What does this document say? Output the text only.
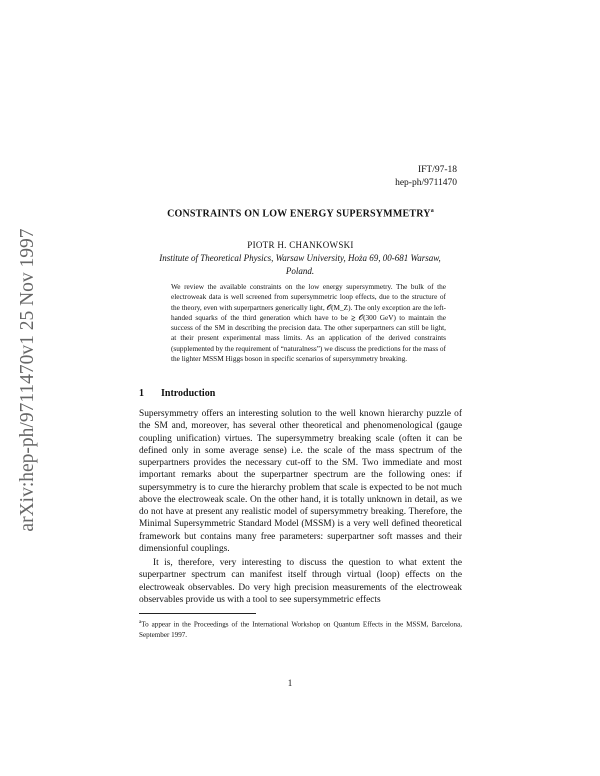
arXiv:hep-ph/9711470v1 25 Nov 1997
IFT/97-18
hep-ph/9711470
CONSTRAINTS ON LOW ENERGY SUPERSYMMETRY$^a$
PIOTR H. CHANKOWSKI
Institute of Theoretical Physics, Warsaw University, Hoża 69, 00-681 Warsaw,
Poland.

We review the available constraints on the low energy supersymmetry. The bulk of the electroweak data is well screened from supersymmetric loop effects, due to the structure of the theory, even with superpartners generically light, 𝒪(M_Z). The only exception are the left-handed squarks of the third generation which have to be ≳ 𝒪(300 GeV) to maintain the success of the SM in describing the precision data. The other superpartners can still be light, at their present experimental mass limits. As an application of the derived constraints (supplemented by the requirement of “naturalness”) we discuss the predictions for the mass of the lighter MSSM Higgs boson in specific scenarios of supersymmetry breaking.

1 Introduction

Supersymmetry offers an interesting solution to the well known hierarchy puzzle of the SM and, moreover, has several other theoretical and phenomenological (gauge coupling unification) virtues. The supersymmetry breaking scale (often it can be defined only in some average sense) i.e. the scale of the mass spectrum of the superpartners provides the necessary cut-off to the SM. Two immediate and most important remarks about the superpartner spectrum are the following ones: if supersymmetry is to cure the hierarchy problem that scale is expected to be not much above the electroweak scale. On the other hand, it is totally unknown in detail, as we do not have at present any realistic model of supersymmetry breaking. Therefore, the Minimal Supersymmetric Standard Model (MSSM) is a very well defined theoretical framework but contains many free parameters: superpartner soft masses and their dimensionful couplings.

It is, therefore, very interesting to discuss the question to what extent the superpartner spectrum can manifest itself through virtual (loop) effects on the electroweak observables. Do very high precision measurements of the electroweak observables provide us with a tool to see supersymmetric effects

$^a$To appear in the Proceedings of the International Workshop on Quantum Effects in the MSSM, Barcelona, September 1997.
1
